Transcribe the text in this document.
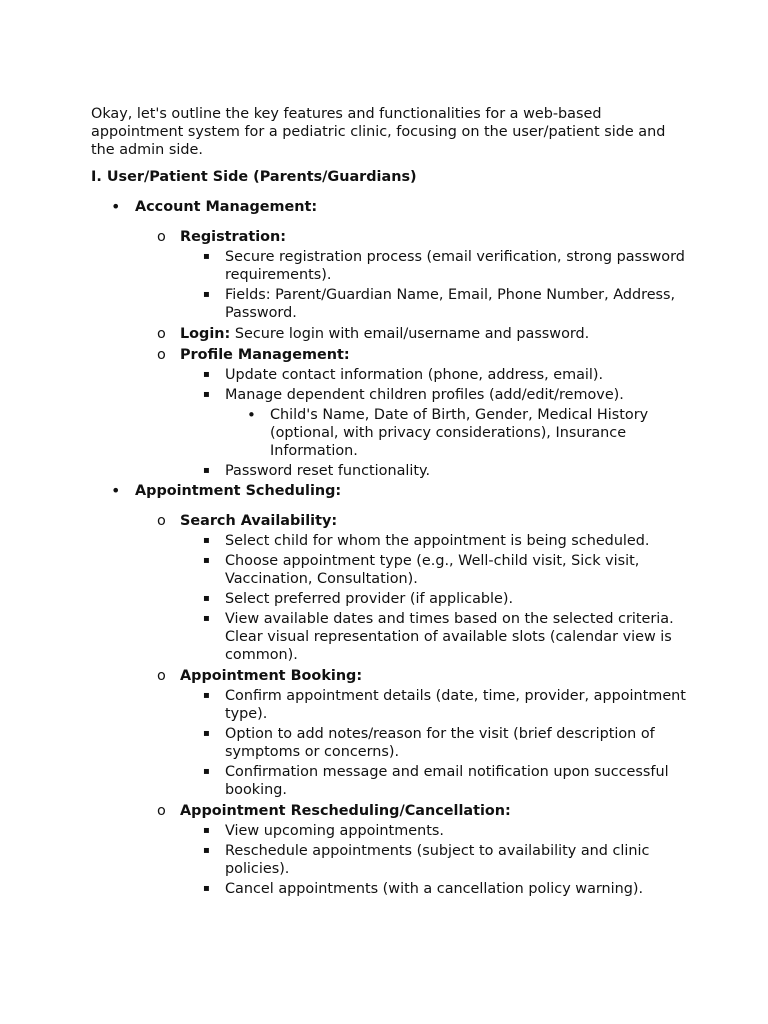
Okay, let's outline the key features and functionalities for a web-based appointment system for a pediatric clinic, focusing on the user/patient side and the admin side.

I. User/Patient Side (Parents/Guardians)

• Account Management:
o Registration:
▪ Secure registration process (email verification, strong password requirements).
▪ Fields: Parent/Guardian Name, Email, Phone Number, Address, Password.
o Login: Secure login with email/username and password.
o Profile Management:
▪ Update contact information (phone, address, email).
▪ Manage dependent children profiles (add/edit/remove).
• Child's Name, Date of Birth, Gender, Medical History (optional, with privacy considerations), Insurance Information.
▪ Password reset functionality.
• Appointment Scheduling:
o Search Availability:
▪ Select child for whom the appointment is being scheduled.
▪ Choose appointment type (e.g., Well-child visit, Sick visit, Vaccination, Consultation).
▪ Select preferred provider (if applicable).
▪ View available dates and times based on the selected criteria. Clear visual representation of available slots (calendar view is common).
o Appointment Booking:
▪ Confirm appointment details (date, time, provider, appointment type).
▪ Option to add notes/reason for the visit (brief description of symptoms or concerns).
▪ Confirmation message and email notification upon successful booking.
o Appointment Rescheduling/Cancellation:
▪ View upcoming appointments.
▪ Reschedule appointments (subject to availability and clinic policies).
▪ Cancel appointments (with a cancellation policy warning).
